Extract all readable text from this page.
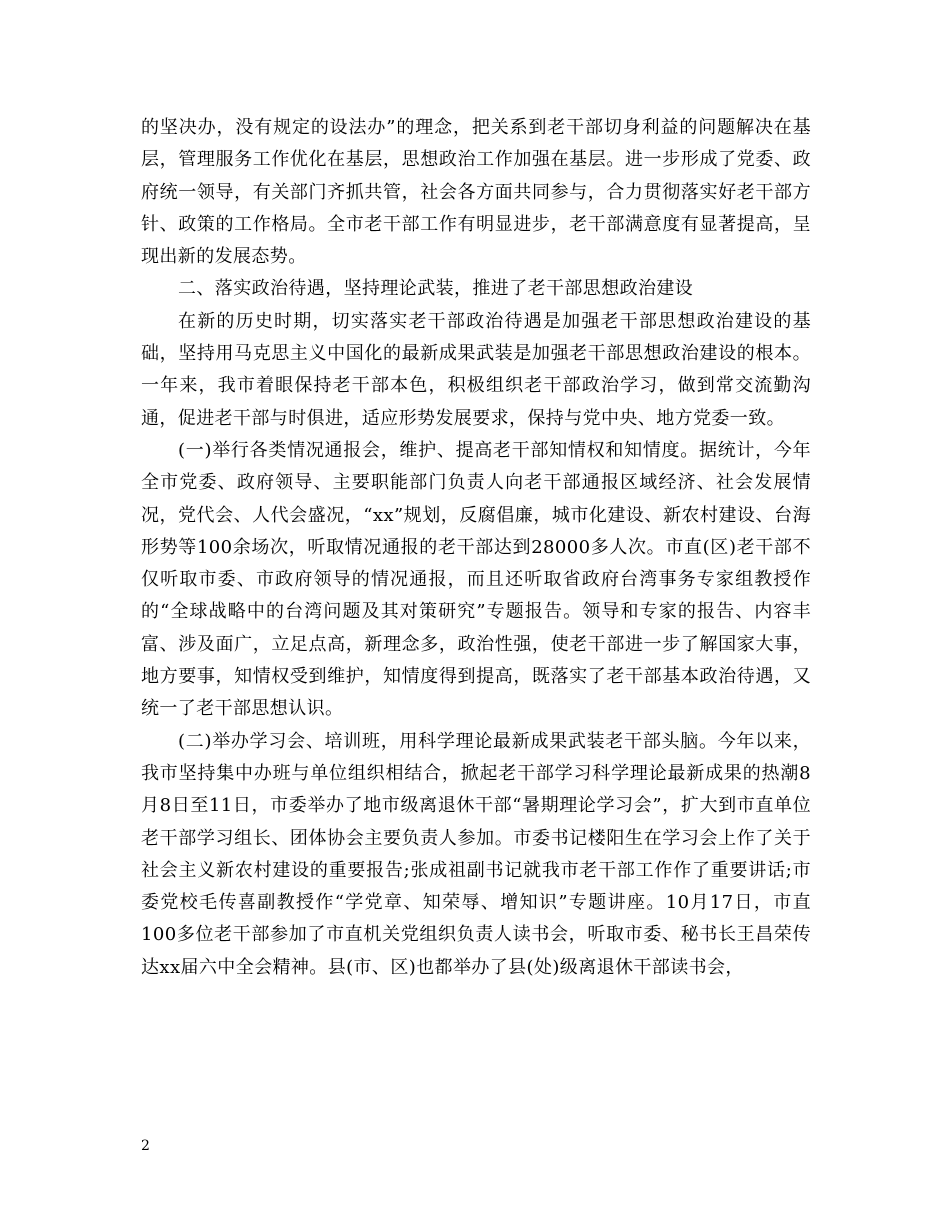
的坚决办，没有规定的设法办”的理念，把关系到老干部切身利益的问题解决在基层，管理服务工作优化在基层，思想政治工作加强在基层。进一步形成了党委、政府统一领导，有关部门齐抓共管，社会各方面共同参与，合力贯彻落实好老干部方针、政策的工作格局。全市老干部工作有明显进步，老干部满意度有显著提高，呈现出新的发展态势。

二、落实政治待遇，坚持理论武装，推进了老干部思想政治建设

在新的历史时期，切实落实老干部政治待遇是加强老干部思想政治建设的基础，坚持用马克思主义中国化的最新成果武装是加强老干部思想政治建设的根本。一年来，我市着眼保持老干部本色，积极组织老干部政治学习，做到常交流勤沟通，促进老干部与时俱进，适应形势发展要求，保持与党中央、地方党委一致。

(一)举行各类情况通报会，维护、提高老干部知情权和知情度。据统计，今年全市党委、政府领导、主要职能部门负责人向老干部通报区域经济、社会发展情况，党代会、人代会盛况，“xx”规划，反腐倡廉，城市化建设、新农村建设、台海形势等100余场次，听取情况通报的老干部达到28000多人次。市直(区)老干部不仅听取市委、市政府领导的情况通报，而且还听取省政府台湾事务专家组教授作的“全球战略中的台湾问题及其对策研究”专题报告。领导和专家的报告、内容丰富、涉及面广，立足点高，新理念多，政治性强，使老干部进一步了解国家大事，地方要事，知情权受到维护，知情度得到提高，既落实了老干部基本政治待遇，又统一了老干部思想认识。

(二)举办学习会、培训班，用科学理论最新成果武装老干部头脑。今年以来，我市坚持集中办班与单位组织相结合，掀起老干部学习科学理论最新成果的热潮8月8日至11日，市委举办了地市级离退休干部“暑期理论学习会”，扩大到市直单位老干部学习组长、团体协会主要负责人参加。市委书记楼阳生在学习会上作了关于社会主义新农村建设的重要报告;张成祖副书记就我市老干部工作作了重要讲话;市委党校毛传喜副教授作“学党章、知荣辱、增知识”专题讲座。10月17日，市直100多位老干部参加了市直机关党组织负责人读书会，听取市委、秘书长王昌荣传达xx届六中全会精神。县(市、区)也都举办了县(处)级离退休干部读书会，

2
